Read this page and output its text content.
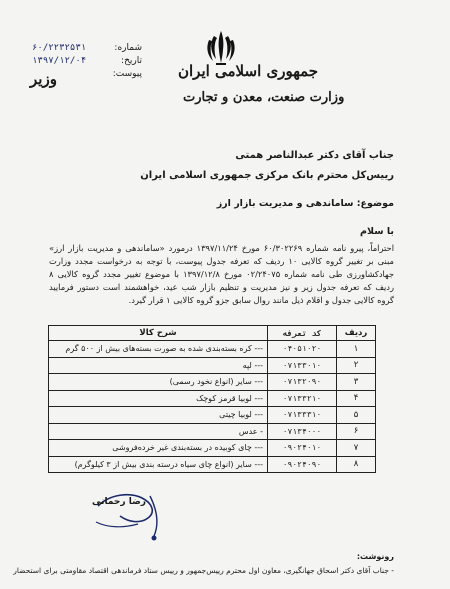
جمهوری اسلامی ایران
وزارت صنعت، معدن و تجارت
وزیر
شماره:
۶۰/۲۲۳۲۵۳۱
تاریخ:
۱۳۹۷/۱۲/۰۴
پیوست:
جناب آقای دکتر عبدالناصر همتی
رییس‌کل محترم بانک مرکزی جمهوری اسلامی ایران
موضوع: ساماندهی و مدیریت بازار ارز
با سلام
احتراماً، پیرو نامه شماره ۶۰/۳۰۲۲۶۹ مورخ ۱۳۹۷/۱۱/۲۴ درمورد «ساماندهی و مدیریت بازار ارز» مبنی بر تغییر گروه کالایی ۱۰ ردیف که تعرفه جدول پیوست، با توجه به درخواست مجدد وزارت جهادکشاورزی طی نامه شماره ۰۲/۲۴۰۷۵ مورخ ۱۳۹۷/۱۲/۸ با موضوع تغییر مجدد گروه کالایی ۸ ردیف که تعرفه جدول زیر و نیز مدیریت و تنظیم بازار شب عید، خواهشمند است دستور فرمایید گروه کالایی جدول و اقلام ذیل مانند روال سابق جزو گروه کالایی ۱ قرار گیرد.
ردیف	کد تعرفه	شرح کالا
۱	۰۴۰۵۱۰۲۰	--- کره بسته‌بندی شده به صورت بسته‌های بیش از ۵۰۰ گرم
۲	۰۷۱۳۳۰۱۰	--- لپه
۳	۰۷۱۳۲۰۹۰	--- سایر (انواع نخود رسمی)
۴	۰۷۱۳۳۲۱۰	--- لوبیا قرمز کوچک
۵	۰۷۱۳۳۳۱۰	--- لوبیا چیتی
۶	۰۷۱۳۴۰۰۰	- عدس
۷	۰۹۰۲۴۰۱۰	--- چای کوبیده در بسته‌بندی غیر خرده‌فروشی
۸	۰۹۰۲۴۰۹۰	--- سایر (انواع چای سیاه درسته بندی بیش از ۳ کیلوگرم)
رضا رحمانی
رونوشت:
- جناب آقای دکتر اسحاق جهانگیری، معاون اول محترم رییس‌جمهور و رییس ستاد فرماندهی اقتصاد مقاومتی برای استحضار
